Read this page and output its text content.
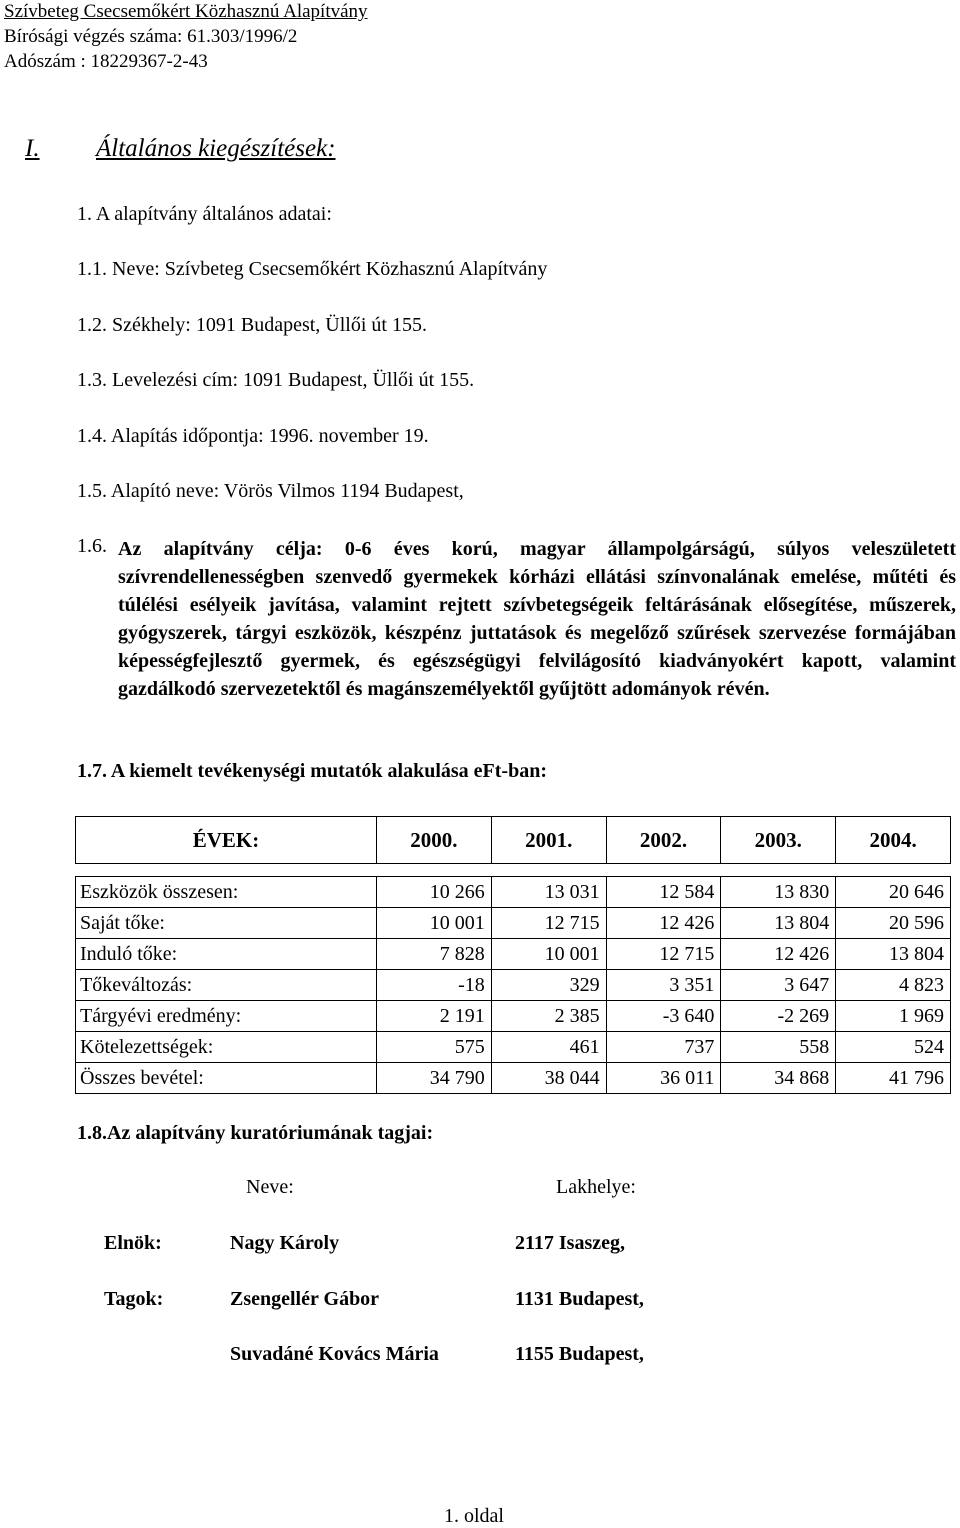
Szívbeteg Csecsemőkért Közhasznú Alapítvány
Bírósági végzés száma: 61.303/1996/2
Adószám : 18229367-2-43
I. Általános kiegészítések:
1. A alapítvány általános adatai:
1.1. Neve: Szívbeteg Csecsemőkért Közhasznú Alapítvány
1.2. Székhely: 1091 Budapest, Üllői út 155.
1.3. Levelezési cím: 1091 Budapest, Üllői út 155.
1.4. Alapítás időpontja: 1996. november 19.
1.5. Alapító neve: Vörös Vilmos 1194 Budapest,
1.6. Az alapítvány célja: 0-6 éves korú, magyar állampolgárságú, súlyos veleszületett szívrendellenességben szenvedő gyermekek kórházi ellátási színvonalának emelése, műtéti és túlélési esélyeik javítása, valamint rejtett szívbetegségeik feltárásának elősegítése, műszerek, gyógyszerek, tárgyi eszközök, készpénz juttatások és megelőző szűrések szervezése formájában képességfejlesztő gyermek, és egészségügyi felvilágosító kiadványokért kapott, valamint gazdálkodó szervezetektől és magánszemélyektől gyűjtött adományok révén.

1.7. A kiemelt tevékenységi mutatók alakulása eFt-ban:
ÉVEK:	2000.	2001.	2002.	2003.	2004.

Eszközök összesen:	10 266	13 031	12 584	13 830	20 646
Saját tőke:	10 001	12 715	12 426	13 804	20 596
Induló tőke:	7 828	10 001	12 715	12 426	13 804
Tőkeváltozás:	-18	329	3 351	3 647	4 823
Tárgyévi eredmény:	2 191	2 385	-3 640	-2 269	1 969
Kötelezettségek:	575	461	737	558	524
Összes bevétel:	34 790	38 044	36 011	34 868	41 796
1.8.Az alapítvány kuratóriumának tagjai:
Neve:	Lakhelye:
Elnök:	Nagy Károly	2117 Isaszeg,
Tagok:	Zsengellér Gábor	1131 Budapest,
Suvadáné Kovács Mária	1155 Budapest,
1. oldal
